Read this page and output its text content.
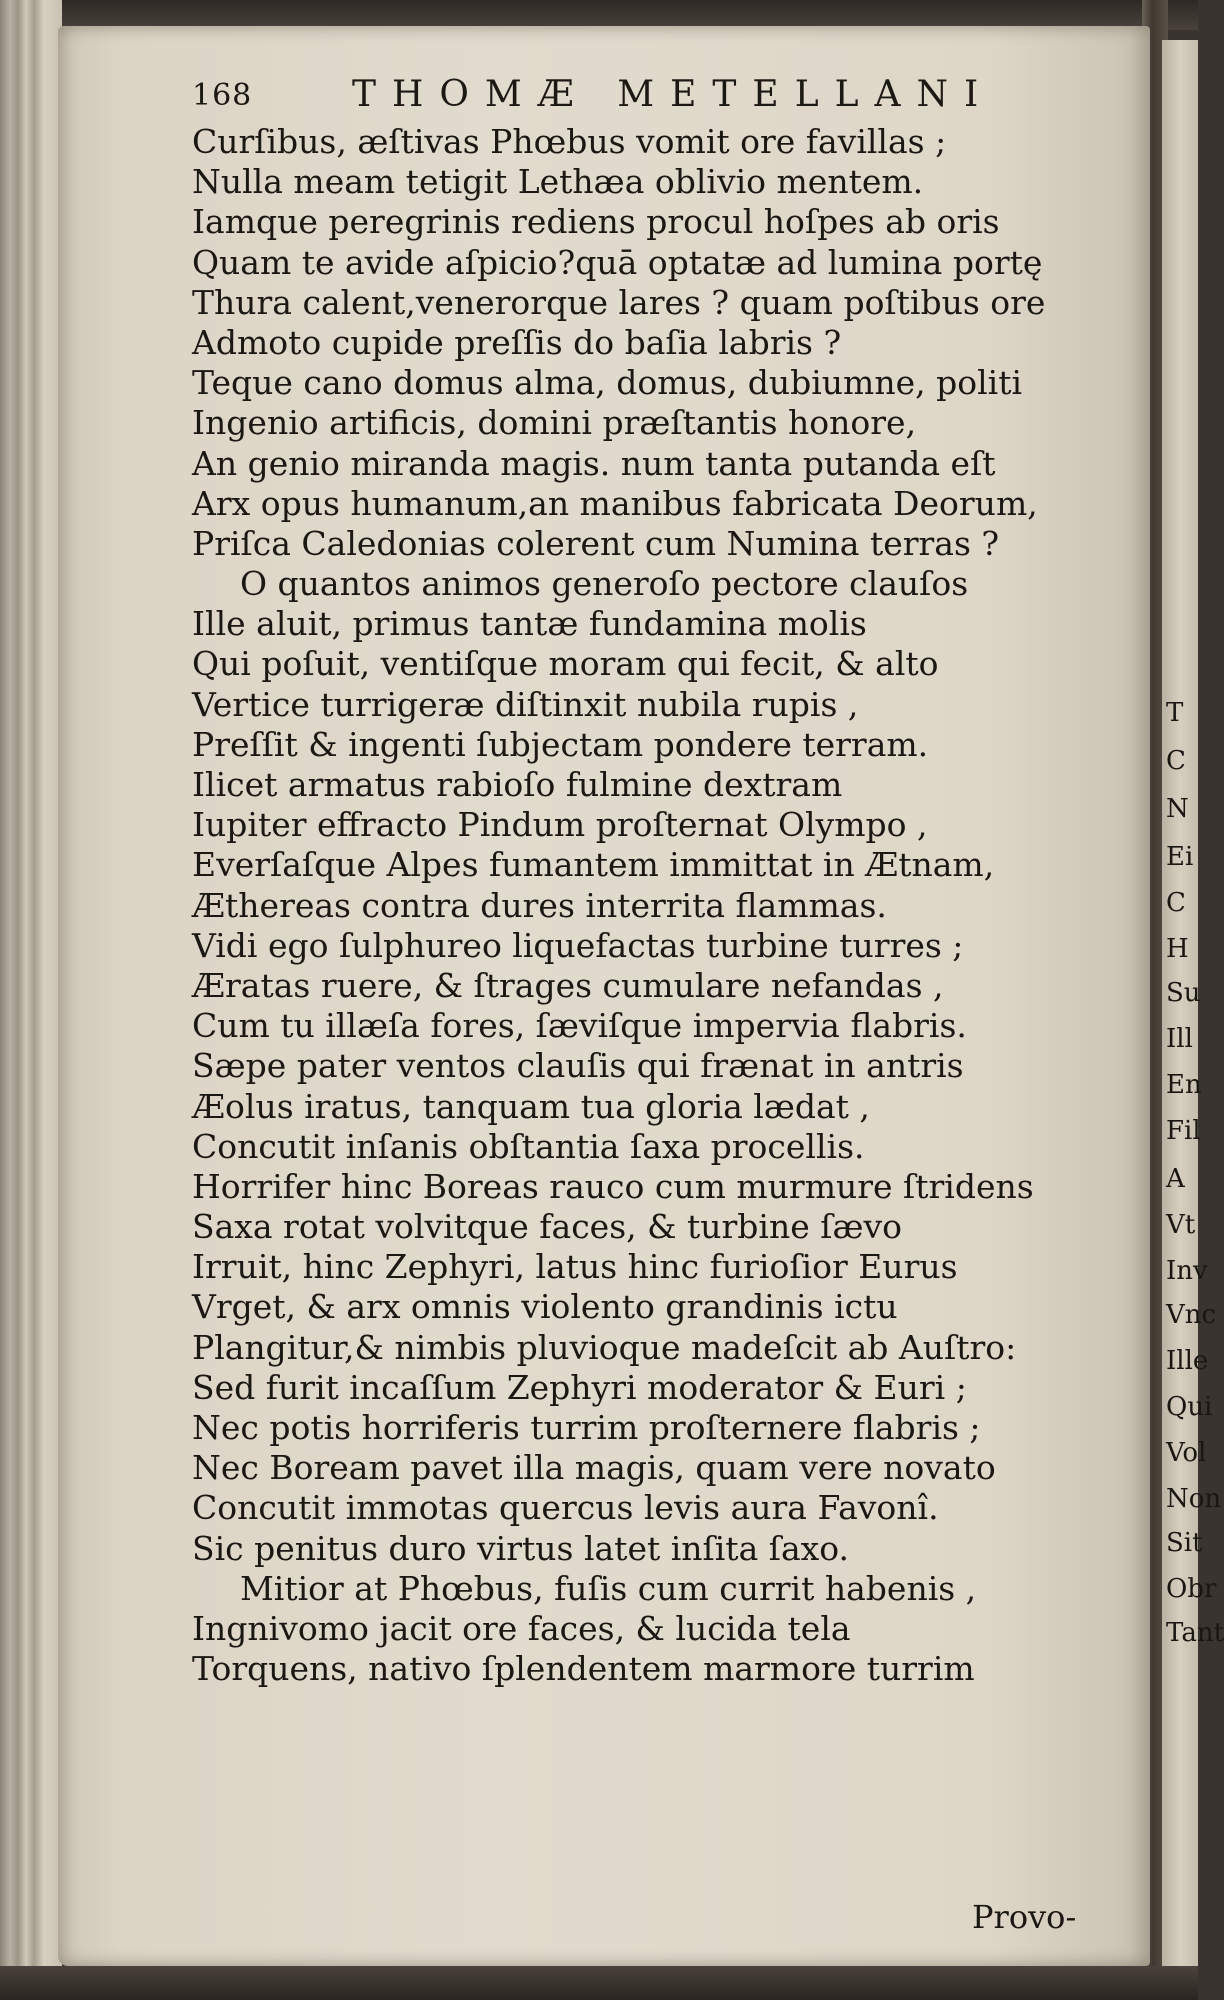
T
C
N
Ei
C
H
Su
Ill
En
Fil
A
Vt
Inv
Vnc
Ille
Qui
Vol
Non
Sit
Obr
Tant
168	THOMÆ METELLANI
Curſibus, æſtivas Phœbus vomit ore favillas ;
Nulla meam tetigit Lethæa oblivio mentem.
Iamque peregrinis rediens procul hoſpes ab oris
Quam te avide aſpicio?quā optatæ ad lumina portę
Thura calent,venerorque lares ? quam poſtibus ore
Admoto cupide preſſis do baſia labris ?
Teque cano domus alma, domus, dubiumne, politi
Ingenio artificis, domini præſtantis honore,
An genio miranda magis. num tanta putanda eſt
Arx opus humanum,an manibus fabricata Deorum,
Priſca Caledonias colerent cum Numina terras ?
O quantos animos generoſo pectore clauſos
Ille aluit, primus tantæ fundamina molis
Qui poſuit, ventiſque moram qui fecit, & alto
Vertice turrigeræ diſtinxit nubila rupis ,
Preſſit & ingenti ſubjectam pondere terram.
Ilicet armatus rabioſo fulmine dextram
Iupiter effracto Pindum proſternat Olympo ,
Everſaſque Alpes fumantem immittat in Ætnam,
Æthereas contra dures interrita flammas.
Vidi ego ſulphureo liquefactas turbine turres ;
Æratas ruere, & ſtrages cumulare nefandas ,
Cum tu illæſa fores, ſæviſque impervia flabris.
Sæpe pater ventos clauſis qui frænat in antris
Æolus iratus, tanquam tua gloria lædat ,
Concutit inſanis obſtantia ſaxa procellis.
Horrifer hinc Boreas rauco cum murmure ſtridens
Saxa rotat volvitque faces, & turbine ſævo
Irruit, hinc Zephyri, latus hinc furioſior Eurus
Vrget, & arx omnis violento grandinis ictu
Plangitur,& nimbis pluvioque madeſcit ab Auſtro:
Sed furit incaſſum Zephyri moderator & Euri ;
Nec potis horriferis turrim proſternere flabris ;
Nec Boream pavet illa magis, quam vere novato
Concutit immotas quercus levis aura Favonî.
Sic penitus duro virtus latet inſita ſaxo.
Mitior at Phœbus, fuſis cum currit habenis ,
Ingnivomo jacit ore faces, & lucida tela
Torquens, nativo ſplendentem marmore turrim
Provo-
